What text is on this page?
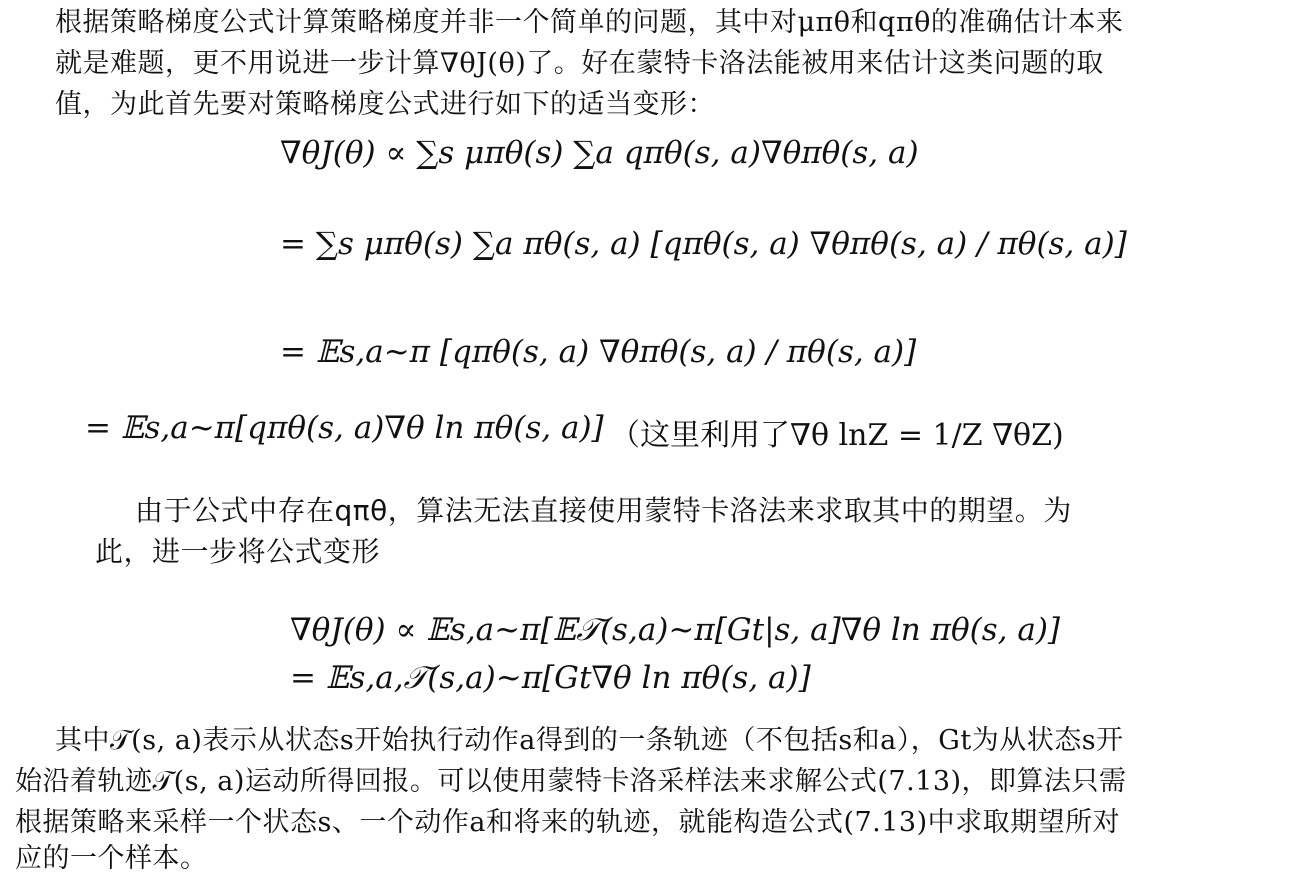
根据策略梯度公式计算策略梯度并非一个简单的问题，其中对μπθ和qπθ的准确估计本来
就是难题，更不用说进一步计算∇θJ(θ)了。好在蒙特卡洛法能被用来估计这类问题的取
值，为此首先要对策略梯度公式进行如下的适当变形：
∇θJ(θ) ∝ ∑s μπθ(s) ∑a qπθ(s, a)∇θπθ(s, a)
= ∑s μπθ(s) ∑a πθ(s, a) [qπθ(s, a) ∇θπθ(s, a) / πθ(s, a)]
= 𝔼s,a~π [qπθ(s, a) ∇θπθ(s, a) / πθ(s, a)]
= 𝔼s,a~π[qπθ(s, a)∇θ ln πθ(s, a)] （这里利用了∇θ lnZ = 1/Z ∇θZ)
由于公式中存在qπθ，算法无法直接使用蒙特卡洛法来求取其中的期望。为
此，进一步将公式变形
∇θJ(θ) ∝ 𝔼s,a~π[𝔼𝒯(s,a)~π[Gt|s, a]∇θ ln πθ(s, a)]
= 𝔼s,a,𝒯(s,a)~π[Gt∇θ ln πθ(s, a)]
其中𝒯(s, a)表示从状态s开始执行动作a得到的一条轨迹（不包括s和a），Gt为从状态s开
始沿着轨迹𝒯(s, a)运动所得回报。可以使用蒙特卡洛采样法来求解公式(7.13)，即算法只需
根据策略来采样一个状态s、一个动作a和将来的轨迹，就能构造公式(7.13)中求取期望所对
应的一个样本。
